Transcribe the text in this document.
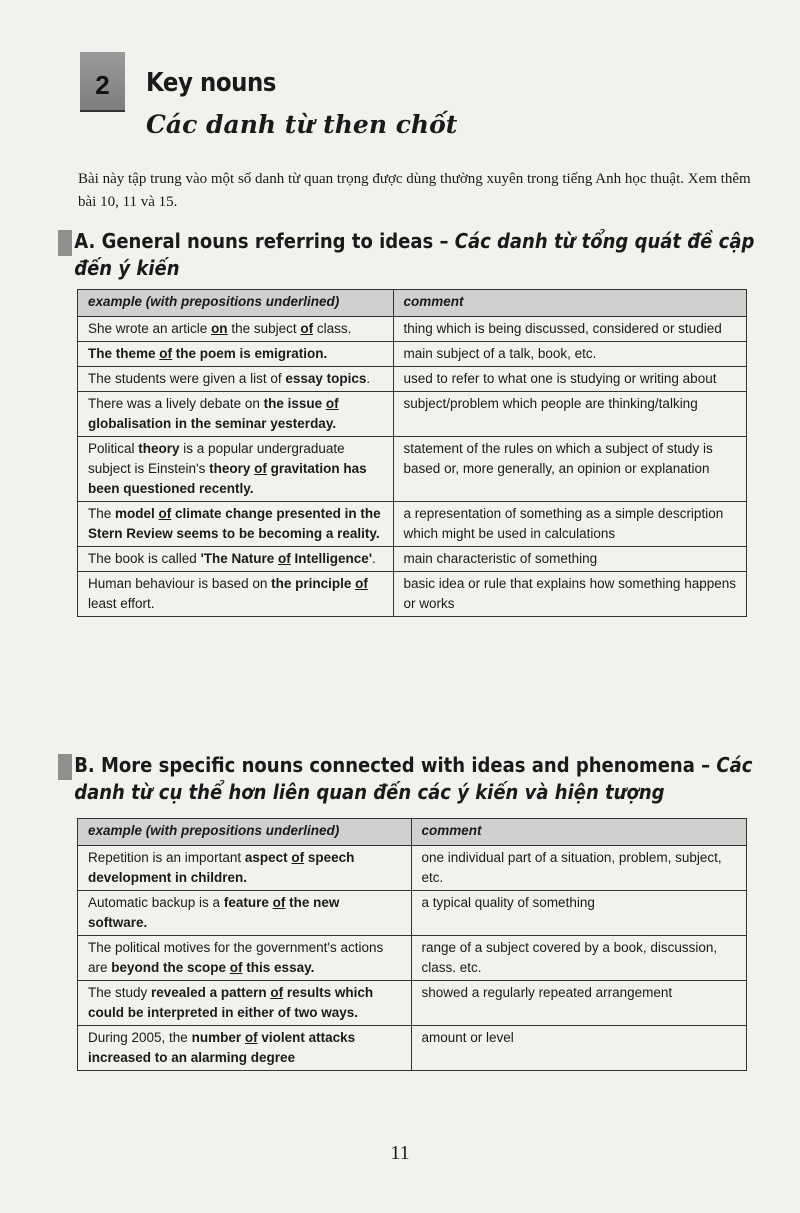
2	Key nouns
Các danh từ then chốt
Bài này tập trung vào một số danh từ quan trọng được dùng thường xuyên trong tiếng Anh học thuật. Xem thêm bài 10, 11 và 15.
A. General nouns referring to ideas – Các danh từ tổng quát đề cập đến ý kiến
example (with prepositions underlined)	comment
She wrote an article on the subject of class.	thing which is being discussed, considered or studied
The theme of the poem is emigration.	main subject of a talk, book, etc.
The students were given a list of essay topics.	used to refer to what one is studying or writing about
There was a lively debate on the issue of globalisation in the seminar yesterday.	subject/problem which people are thinking/talking
Political theory is a popular undergraduate subject is Einstein's theory of gravitation has been questioned recently.	statement of the rules on which a subject of study is based or, more generally, an opinion or explanation
The model of climate change presented in the Stern Review seems to be becoming a reality.	a representation of something as a simple description which might be used in calculations
The book is called 'The Nature of Intelligence'.	main characteristic of something
Human behaviour is based on the principle of least effort.	basic idea or rule that explains how something happens or works
B. More specific nouns connected with ideas and phenomena – Các danh từ cụ thể hơn liên quan đến các ý kiến và hiện tượng
example (with prepositions underlined)	comment
Repetition is an important aspect of speech development in children.	one individual part of a situation, problem, subject, etc.
Automatic backup is a feature of the new software.	a typical quality of something
The political motives for the government's actions are beyond the scope of this essay.	range of a subject covered by a book, discussion, class. etc.
The study revealed a pattern of results which could be interpreted in either of two ways.	showed a regularly repeated arrangement
During 2005, the number of violent attacks increased to an alarming degree	amount or level
11
